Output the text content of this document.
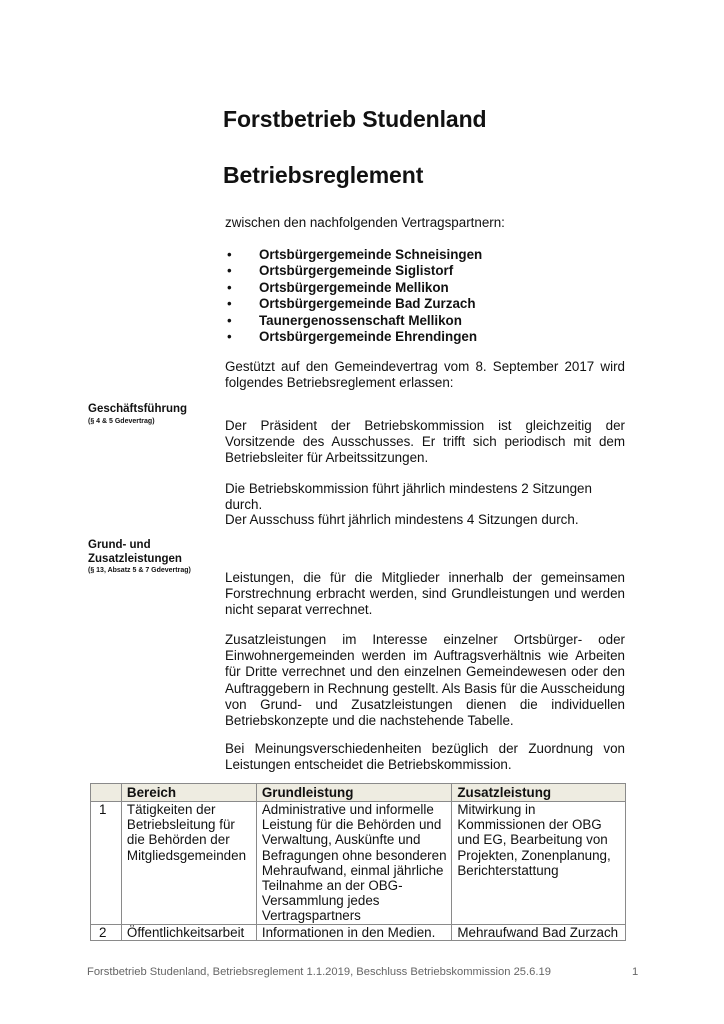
Forstbetrieb Studenland
Betriebsreglement
zwischen den nachfolgenden Vertragspartnern:
• Ortsbürgergemeinde Schneisingen
• Ortsbürgergemeinde Siglistorf
• Ortsbürgergemeinde Mellikon
• Ortsbürgergemeinde Bad Zurzach
• Taunergenossenschaft Mellikon
• Ortsbürgergemeinde Ehrendingen
Gestützt auf den Gemeindevertrag vom 8. September 2017 wird folgendes Betriebsreglement erlassen:
Geschäftsführung
(§ 4 & 5 Gdevertrag)	Der Präsident der Betriebskommission ist gleichzeitig der Vorsitzende des Ausschusses. Er trifft sich periodisch mit dem Betriebsleiter für Arbeitssitzungen.
Die Betriebskommission führt jährlich mindestens 2 Sitzungen durch.
Der Ausschuss führt jährlich mindestens 4 Sitzungen durch.
Grund- und
Zusatzleistungen
(§ 13, Absatz 5 & 7 Gdevertrag)	Leistungen, die für die Mitglieder innerhalb der gemeinsamen Forstrechnung erbracht werden, sind Grundleistungen und werden nicht separat verrechnet.
Zusatzleistungen im Interesse einzelner Ortsbürger- oder Einwohnergemeinden werden im Auftragsverhältnis wie Arbeiten für Dritte verrechnet und den einzelnen Gemeindewesen oder den Auftraggebern in Rechnung gestellt. Als Basis für die Ausscheidung von Grund- und Zusatzleistungen dienen die individuellen Betriebskonzepte und die nachstehende Tabelle.
Bei Meinungsverschiedenheiten bezüglich der Zuordnung von Leistungen entscheidet die Betriebskommission.
	Bereich	Grundleistung	Zusatzleistung
1	Tätigkeiten der Betriebsleitung für die Behörden der Mitgliedsgemeinden	Administrative und informelle Leistung für die Behörden und Verwaltung, Auskünfte und Befragungen ohne besonderen Mehraufwand, einmal jährliche Teilnahme an der OBG-Versammlung jedes Vertragspartners	Mitwirkung in Kommissionen der OBG und EG, Bearbeitung von Projekten, Zonenplanung, Berichterstattung
2	Öffentlichkeitsarbeit	Informationen in den Medien.	Mehraufwand Bad Zurzach
Forstbetrieb Studenland, Betriebsreglement 1.1.2019, Beschluss Betriebskommission 25.6.19	1
